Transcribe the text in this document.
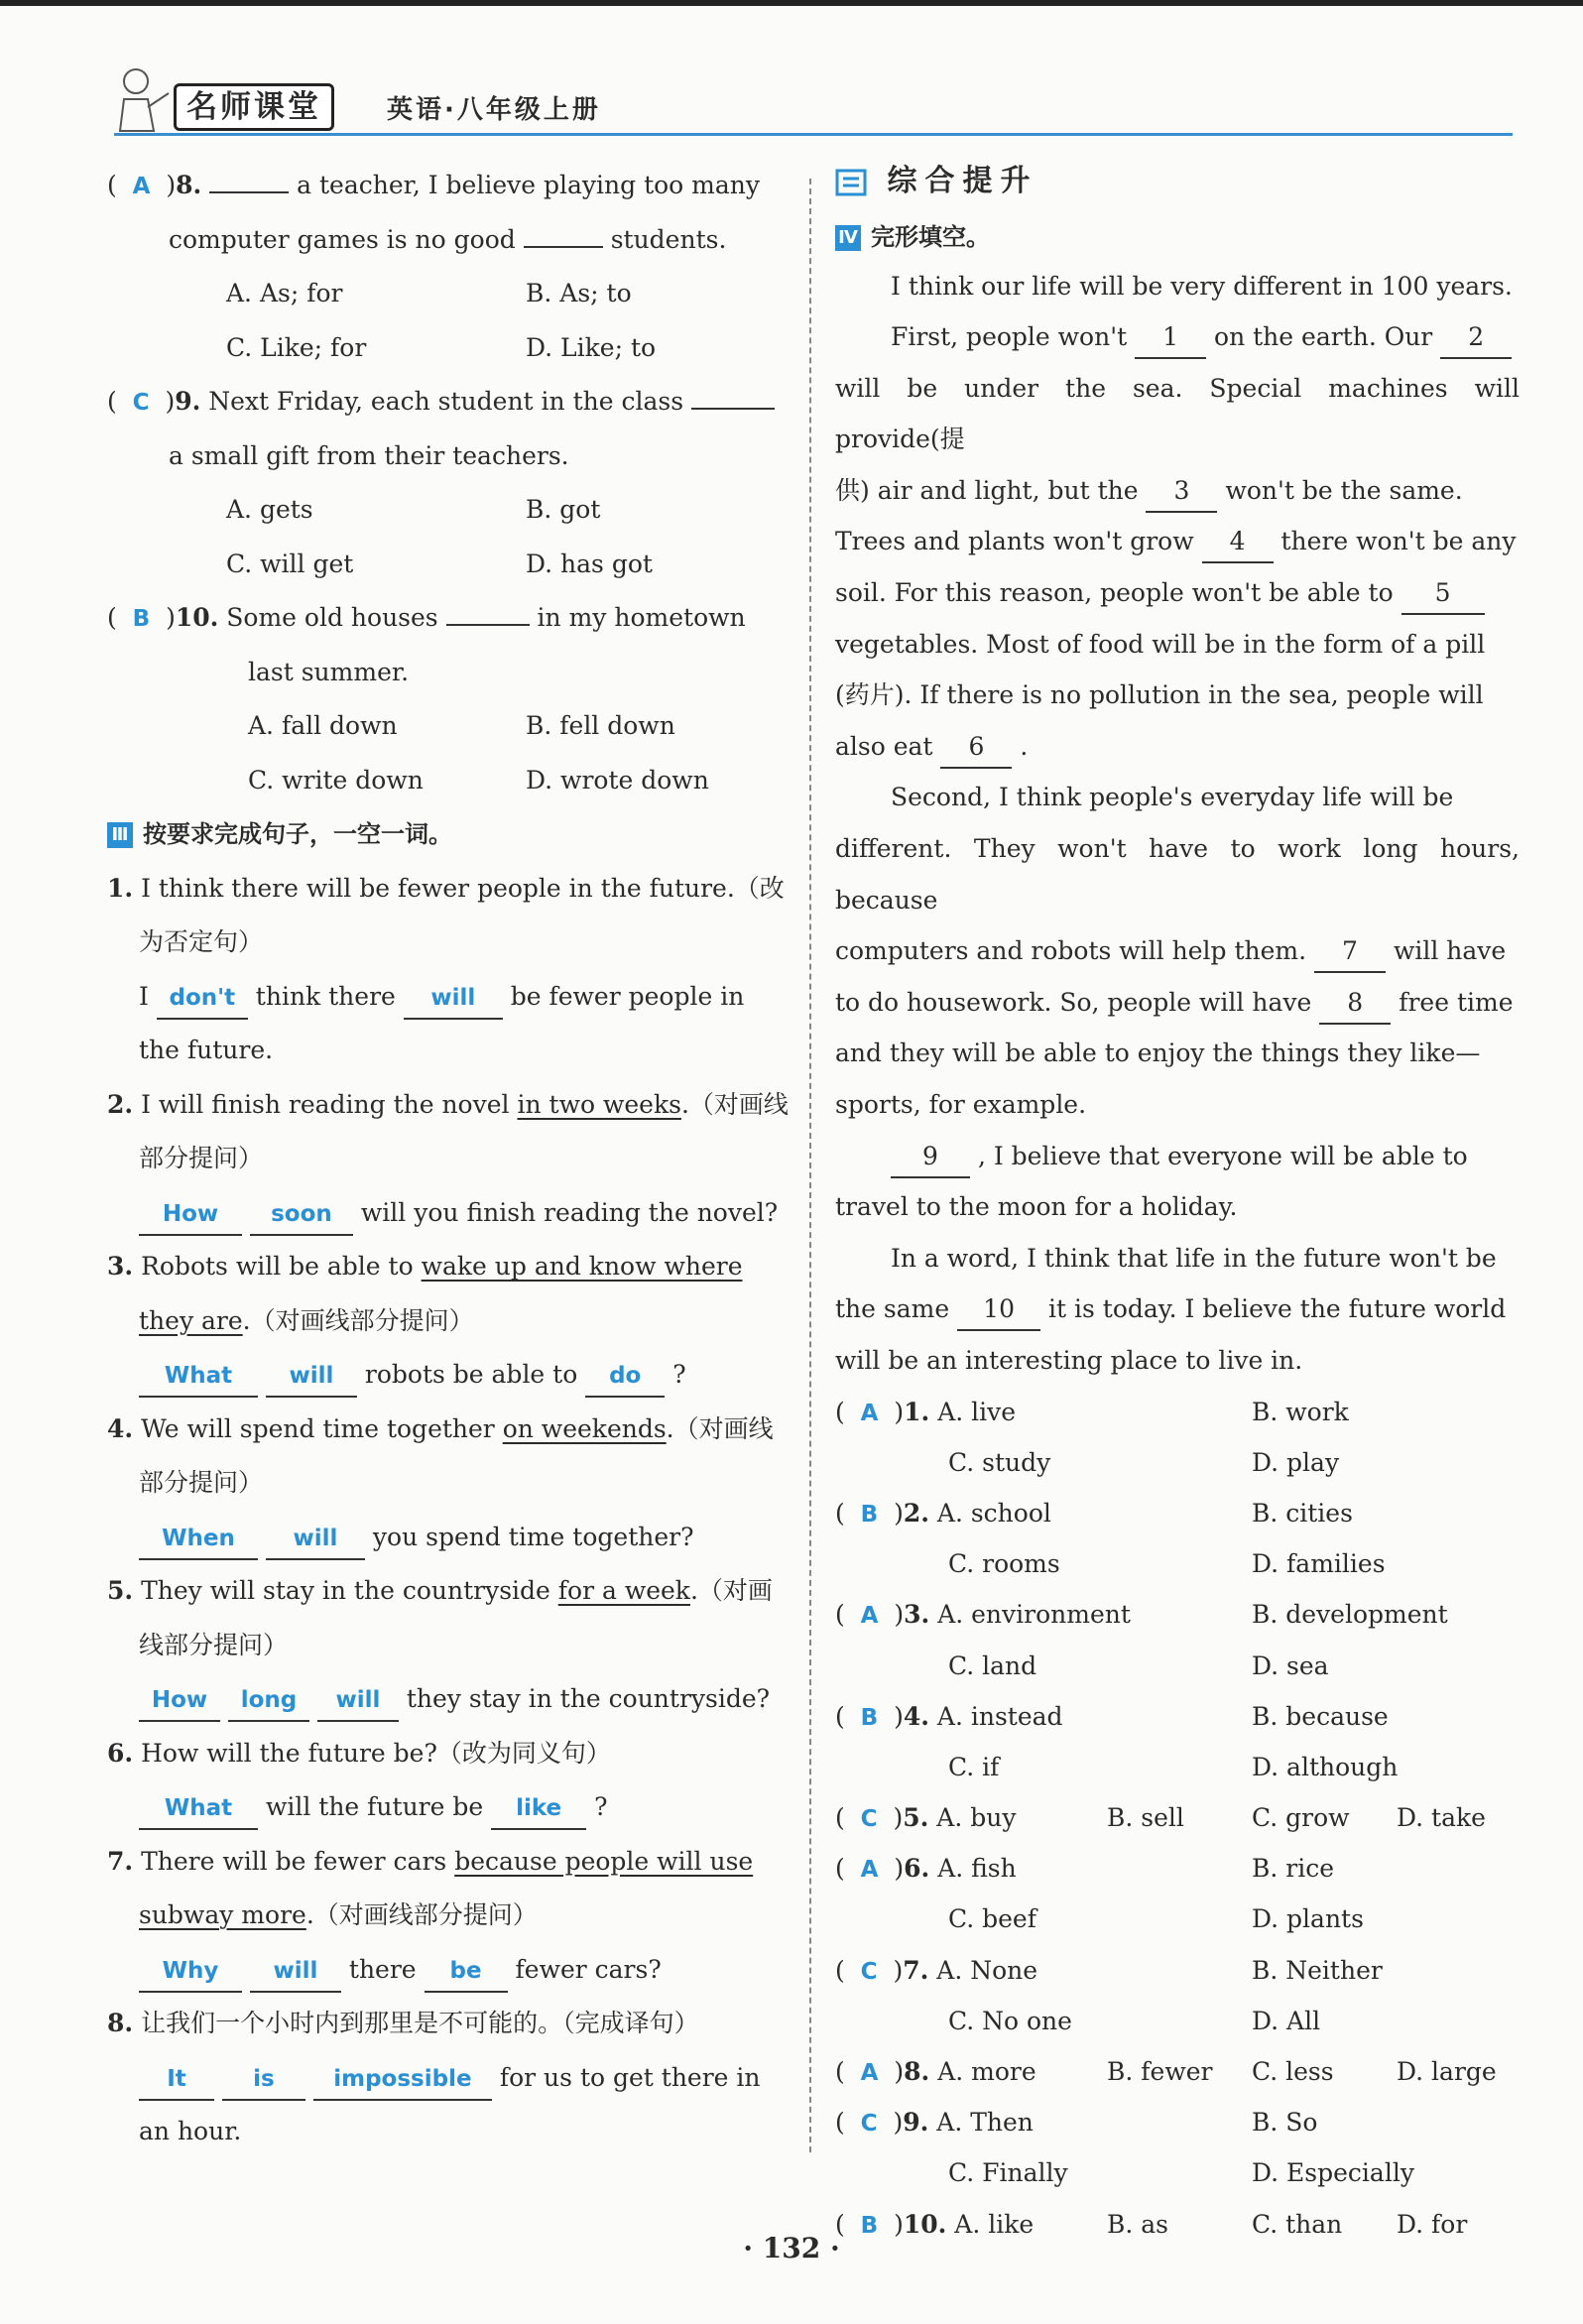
名师课堂	英语·八年级上册
(  A  )8.	a teacher, I believe playing too many
computer games is no good	students.
A. As; for	B. As; to
C. Like; for	D. Like; to
(  C  )9. Next Friday, each student in the class
a small gift from their teachers.
A. gets	B. got
C. will get	D. has got
(  B  )10. Some old houses	in my hometown
last summer.
A. fall down	B. fell down
C. write down	D. wrote down
Ⅲ 按要求完成句子，一空一词。
1. I think there will be fewer people in the future.（改
为否定句）
I don't think there will be fewer people in
the future.
2. I will finish reading the novel in two weeks.（对画线
部分提问）
How soon will you finish reading the novel?
3. Robots will be able to wake up and know where
they are.（对画线部分提问）
What will robots be able to do ?
4. We will spend time together on weekends.（对画线
部分提问）
When	will you spend time together?
5. They will stay in the countryside for a week.（对画
线部分提问）
How long will they stay in the countryside?
6. How will the future be?（改为同义句）
What will the future be like ?
7. There will be fewer cars because people will use
subway more.（对画线部分提问）
Why will there be fewer cars?
8. 让我们一个小时内到那里是不可能的。（完成译句）
It	is	impossible for us to get there in
an hour.
综合提升
Ⅳ 完形填空。
I think our life will be very different in 100 years.
First, people won't 1 on the earth. Our 2
will be under the sea. Special machines will provide(提
供) air and light, but the 3 won't be the same.
Trees and plants won't grow 4 there won't be any
soil. For this reason, people won't be able to 5
vegetables. Most of food will be in the form of a pill
(药片). If there is no pollution in the sea, people will
also eat 6 .
Second, I think people's everyday life will be
different. They won't have to work long hours, because
computers and robots will help them. 7 will have
to do housework. So, people will have 8 free time
and they will be able to enjoy the things they like—
sports, for example.
9 , I believe that everyone will be able to
travel to the moon for a holiday.
In a word, I think that life in the future won't be
the same 10 it is today. I believe the future world
will be an interesting place to live in.
(  A  )1. A. live	B. work
C. study	D. play
(  B  )2. A. school	B. cities
C. rooms	D. families
(  A  )3. A. environment	B. development
C. land	D. sea
(  B  )4. A. instead	B. because
C. if	D. although
(  C  )5. A. buy	B. sell	C. grow D. take
(  A  )6. A. fish	B. rice
C. beef	D. plants
(  C  )7. A. None	B. Neither
C. No one	D. All
(  A  )8. A. more	B. fewer C. less	D. large
(  C  )9. A. Then	B. So
C. Finally	D. Especially
(  B  )10. A. like	B. as	C. than D. for
· 132 ·
